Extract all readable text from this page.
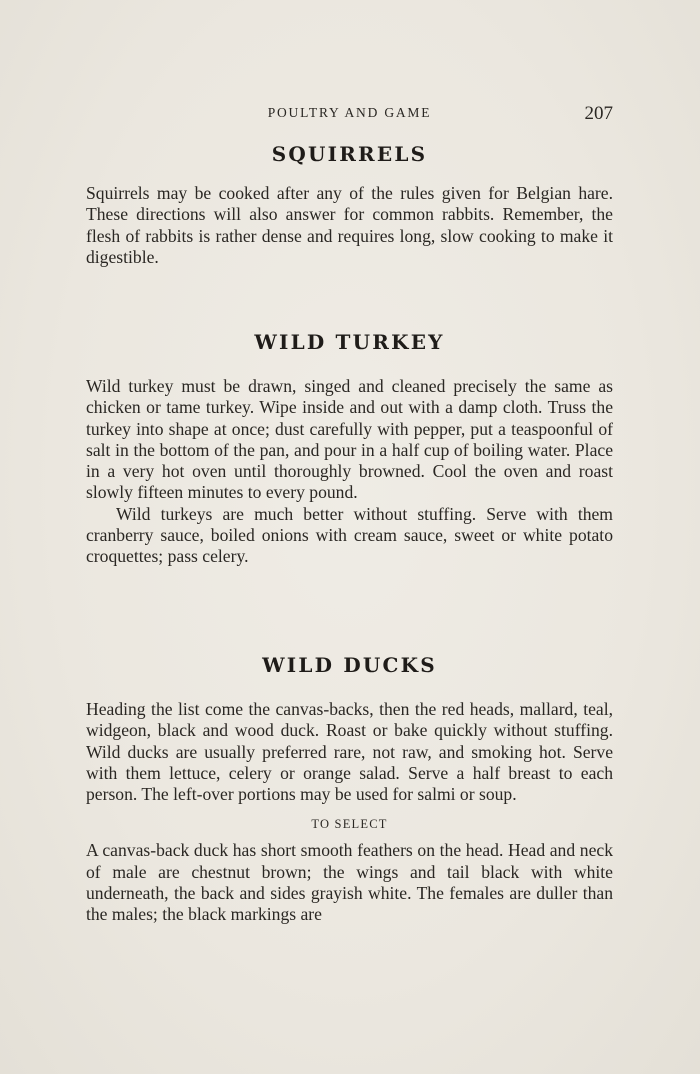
POULTRY AND GAME	207
SQUIRRELS

Squirrels may be cooked after any of the rules given for Belgian hare. These directions will also answer for common rabbits. Remember, the flesh of rabbits is rather dense and requires long, slow cooking to make it digestible.

WILD TURKEY

Wild turkey must be drawn, singed and cleaned precisely the same as chicken or tame turkey. Wipe inside and out with a damp cloth. Truss the turkey into shape at once; dust carefully with pepper, put a teaspoonful of salt in the bottom of the pan, and pour in a half cup of boiling water. Place in a very hot oven until thoroughly browned. Cool the oven and roast slowly fifteen minutes to every pound.

Wild turkeys are much better without stuffing. Serve with them cranberry sauce, boiled onions with cream sauce, sweet or white potato croquettes; pass celery.

WILD DUCKS

Heading the list come the canvas-backs, then the red heads, mallard, teal, widgeon, black and wood duck. Roast or bake quickly without stuffing. Wild ducks are usually preferred rare, not raw, and smoking hot. Serve with them lettuce, celery or orange salad. Serve a half breast to each person. The left-over portions may be used for salmi or soup.

TO SELECT

A canvas-back duck has short smooth feathers on the head. Head and neck of male are chestnut brown; the wings and tail black with white underneath, the back and sides grayish white. The females are duller than the males; the black markings are
